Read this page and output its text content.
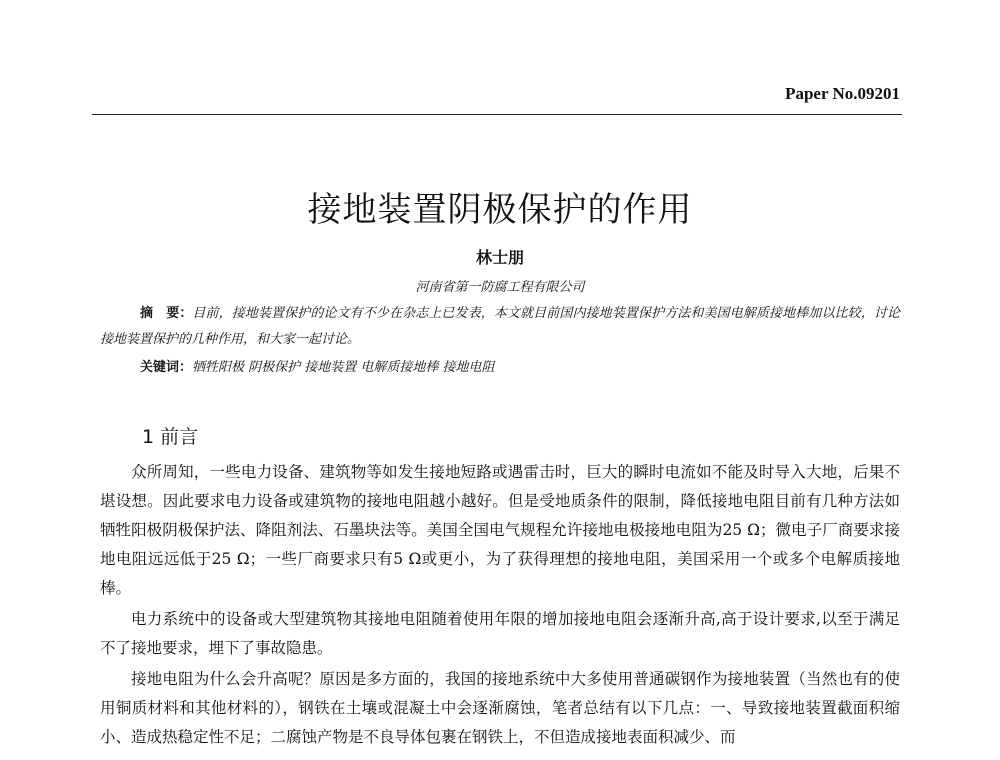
Paper No.09201
接地装置阴极保护的作用
林士朋
河南省第一防腐工程有限公司
摘　要：目前，接地装置保护的论文有不少在杂志上已发表，本文就目前国内接地装置保护方法和美国电解质接地棒加以比较，讨论接地装置保护的几种作用，和大家一起讨论。
关键词：牺牲阳极 阴极保护 接地装置 电解质接地棒 接地电阻
1 前言

众所周知，一些电力设备、建筑物等如发生接地短路或遇雷击时，巨大的瞬时电流如不能及时导入大地，后果不堪设想。因此要求电力设备或建筑物的接地电阻越小越好。但是受地质条件的限制，降低接地电阻目前有几种方法如牺牲阳极阴极保护法、降阻剂法、石墨块法等。美国全国电气规程允许接地电极接地电阻为25 Ω；微电子厂商要求接地电阻远远低于25 Ω；一些厂商要求只有5 Ω或更小，为了获得理想的接地电阻，美国采用一个或多个电解质接地棒。

电力系统中的设备或大型建筑物其接地电阻随着使用年限的增加接地电阻会逐渐升高,高于设计要求,以至于满足不了接地要求，埋下了事故隐患。

接地电阻为什么会升高呢？原因是多方面的，我国的接地系统中大多使用普通碳钢作为接地装置（当然也有的使用铜质材料和其他材料的），钢铁在土壤或混凝土中会逐渐腐蚀，笔者总结有以下几点：一、导致接地装置截面积缩小、造成热稳定性不足；二腐蚀产物是不良导体包裹在钢铁上，不但造成接地表面积减少、而
